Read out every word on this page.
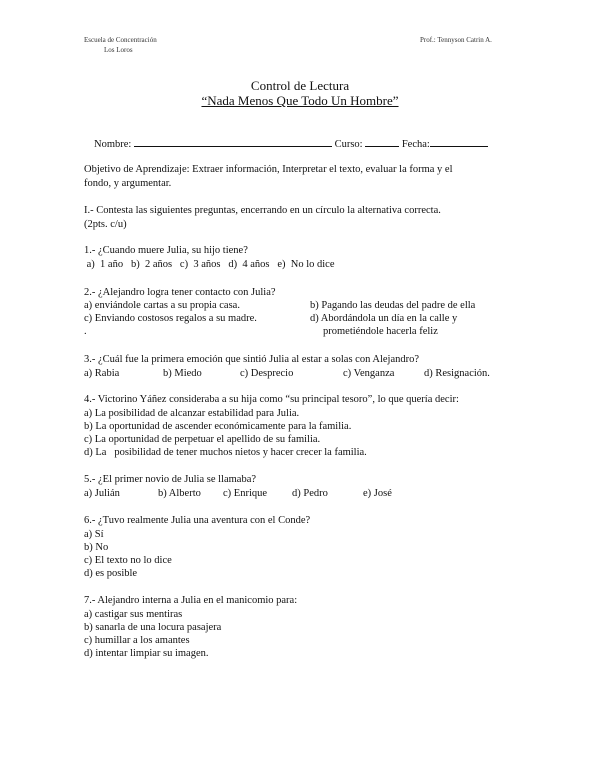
Escuela de Concentración
Los Loros
Prof.: Tennyson Catrin A.
Control de Lectura
“Nada Menos Que Todo Un Hombre”
Nombre:	Curso:	Fecha:
Objetivo de Aprendizaje: Extraer información, Interpretar el texto, evaluar la forma y el
fondo, y argumentar.
I.- Contesta las siguientes preguntas, encerrando en un círculo la alternativa correcta.
(2pts. c/u)
1.- ¿Cuando muere Julia, su hijo tiene?
a)  1 año   b)  2 años   c)  3 años   d)  4 años   e)  No lo dice
2.- ¿Alejandro logra tener contacto con Julia?
a) enviándole cartas a su propia casa.	b) Pagando las deudas del padre de ella
c) Enviando costosos regalos a su madre.	d) Abordándola un día en la calle y
.	prometiéndole hacerla feliz
3.- ¿Cuál fue la primera emoción que sintió Julia al estar a solas con Alejandro?
a) Rabia	b) Miedo	c) Desprecio	c) Venganza	d) Resignación.
4.- Victorino Yáñez consideraba a su hija como “su principal tesoro”, lo que quería decir:
a) La posibilidad de alcanzar estabilidad para Julia.
b) La oportunidad de ascender económicamente para la familia.
c) La oportunidad de perpetuar el apellido de su familia.
d) La   posibilidad de tener muchos nietos y hacer crecer la familia.
5.- ¿El primer novio de Julia se llamaba?
a) Julián	b) Alberto c) Enrique d) Pedro	e) José
6.- ¿Tuvo realmente Julia una aventura con el Conde?
a) Sí
b) No
c) El texto no lo dice
d) es posible
7.- Alejandro interna a Julia en el manicomio para:
a) castigar sus mentiras
b) sanarla de una locura pasajera
c) humillar a los amantes
d) intentar limpiar su imagen.
